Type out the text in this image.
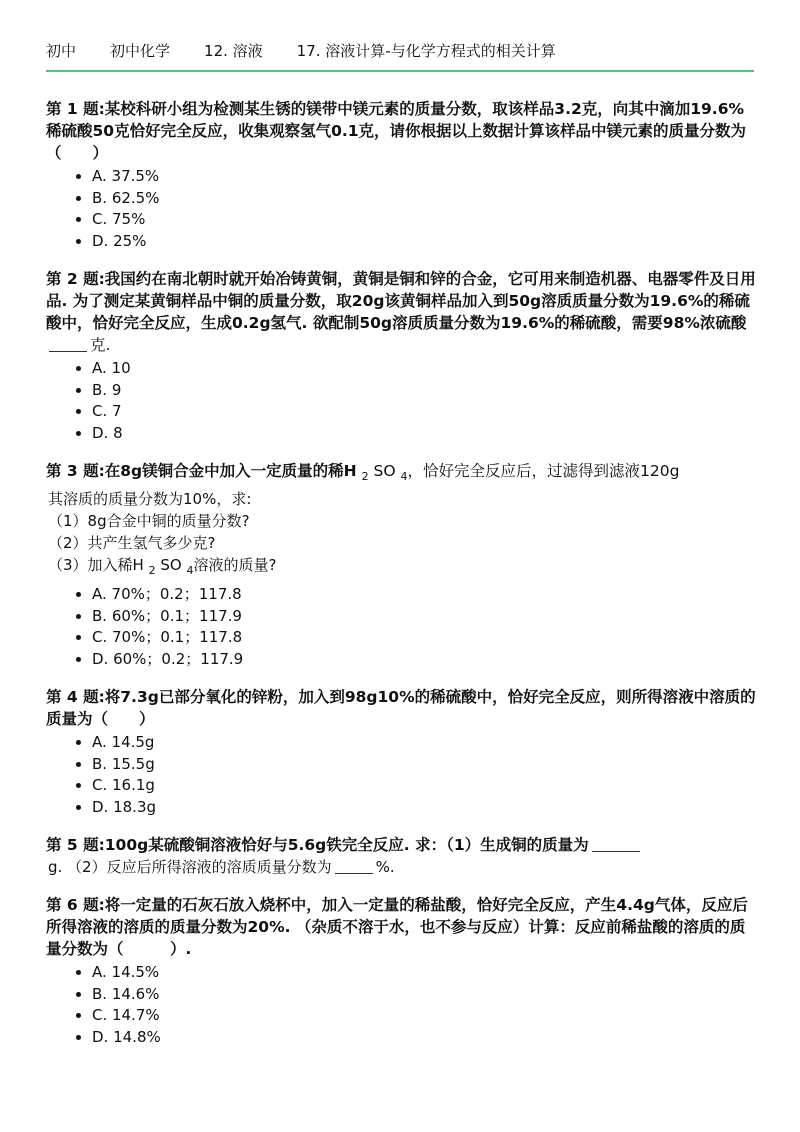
初中 初中化学 12. 溶液 17. 溶液计算-与化学方程式的相关计算

第 1 题:某校科研小组为检测某生锈的镁带中镁元素的质量分数，取该样品3.2克，向其中滴加19.6%稀硫酸50克恰好完全反应，收集观察氢气0.1克，请你根据以上数据计算该样品中镁元素的质量分数为（　　）

A. 37.5%
B. 62.5%
C. 75%
D. 25%

第 2 题:我国约在南北朝时就开始冶铸黄铜，黄铜是铜和锌的合金，它可用来制造机器、电器零件及日用品. 为了测定某黄铜样品中铜的质量分数，取20g该黄铜样品加入到50g溶质质量分数为19.6%的稀硫酸中，恰好完全反应，生成0.2g氢气. 欲配制50g溶质质量分数为19.6%的稀硫酸，需要98%浓硫酸克.

A. 10
B. 9
C. 7
D. 8

第 3 题:在8g镁铜合金中加入一定质量的稀H $_2$ SO $_4$，恰好完全反应后，过滤得到滤液120g

其溶质的质量分数为10%，求:
（1）8g合金中铜的质量分数?
（2）共产生氢气多少克?
（3）加入稀H $_2$ SO $_4$溶液的质量?
A. 70%；0.2；117.8
B. 60%；0.1；117.9
C. 70%；0.1；117.8
D. 60%；0.2；117.9

第 4 题:将7.3g已部分氧化的锌粉，加入到98g10%的稀硫酸中，恰好完全反应，则所得溶液中溶质的质量为（　　）

A. 14.5g
B. 15.5g
C. 16.1g
D. 18.3g

第 5 题:100g某硫酸铜溶液恰好与5.6g铁完全反应. 求：（1）生成铜的质量为

g. （2）反应后所得溶液的溶质质量分数为	%.

第 6 题:将一定量的石灰石放入烧杯中，加入一定量的稀盐酸，恰好完全反应，产生4.4g气体，反应后所得溶液的溶质的质量分数为20%. （杂质不溶于水，也不参与反应）计算：反应前稀盐酸的溶质的质量分数为（　　　）.

A. 14.5%
B. 14.6%
C. 14.7%
D. 14.8%
